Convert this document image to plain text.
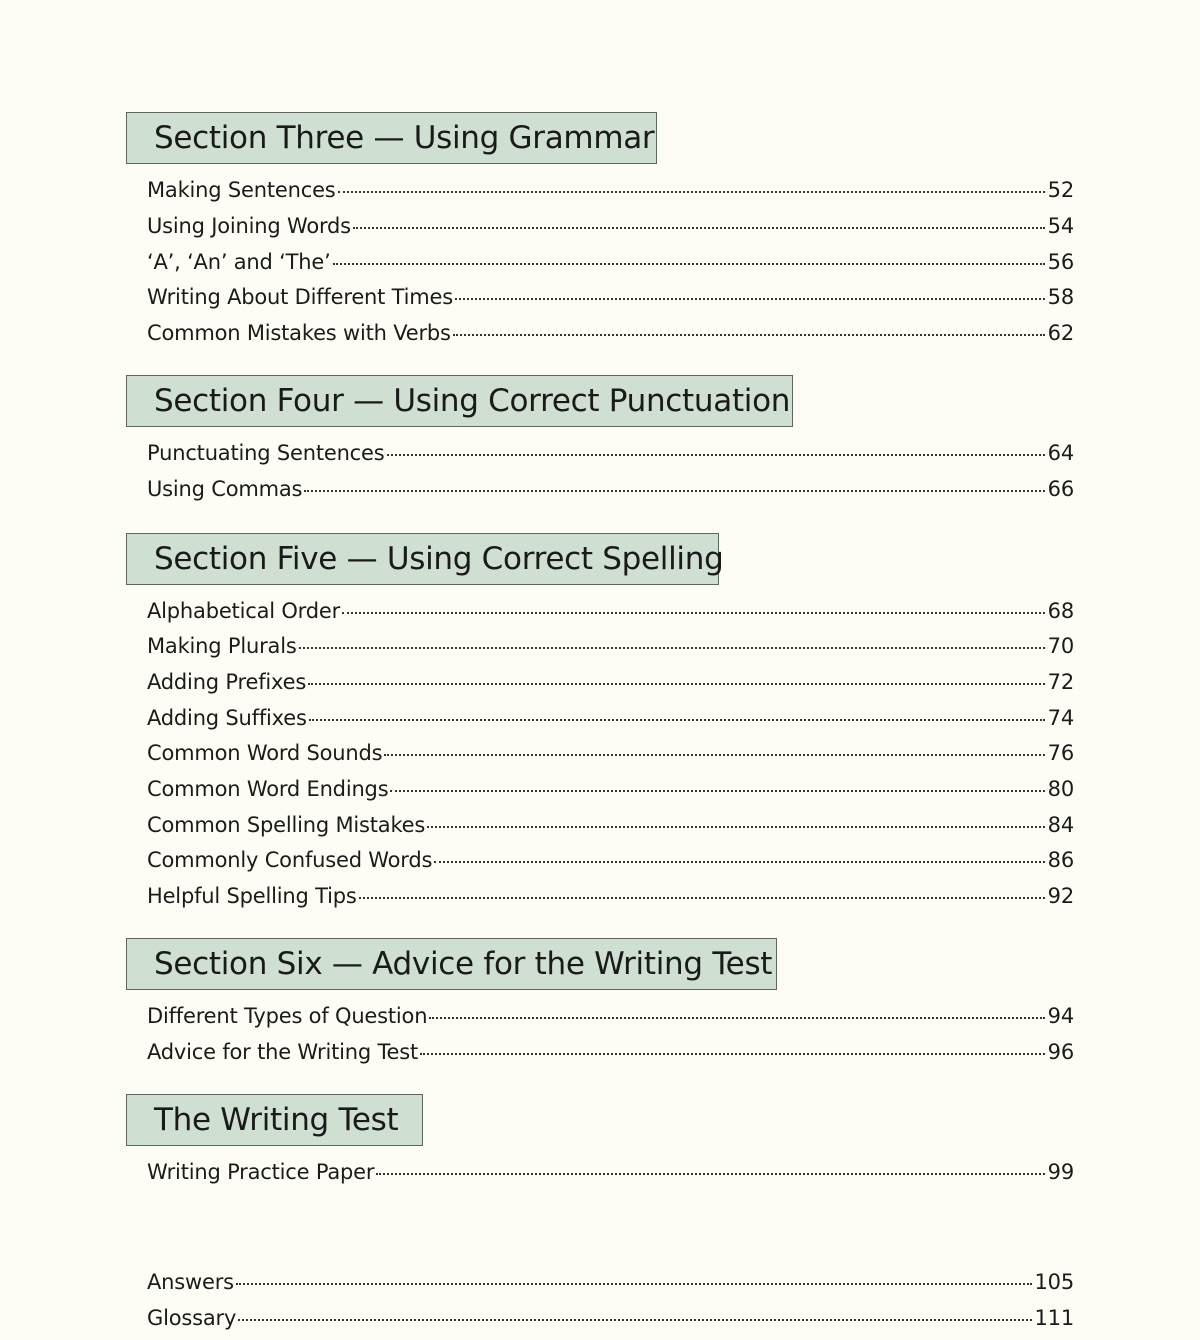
Section Three — Using Grammar
Making Sentences	52
Using Joining Words	54
‘A’, ‘An’ and ‘The’	56
Writing About Different Times	58
Common Mistakes with Verbs	62
Section Four — Using Correct Punctuation
Punctuating Sentences	64
Using Commas	66
Section Five — Using Correct Spelling
Alphabetical Order	68
Making Plurals	70
Adding Prefixes	72
Adding Suffixes	74
Common Word Sounds	76
Common Word Endings	80
Common Spelling Mistakes	84
Commonly Confused Words	86
Helpful Spelling Tips	92
Section Six — Advice for the Writing Test
Different Types of Question	94
Advice for the Writing Test	96
The Writing Test
Writing Practice Paper	99
Answers	105
Glossary	111
